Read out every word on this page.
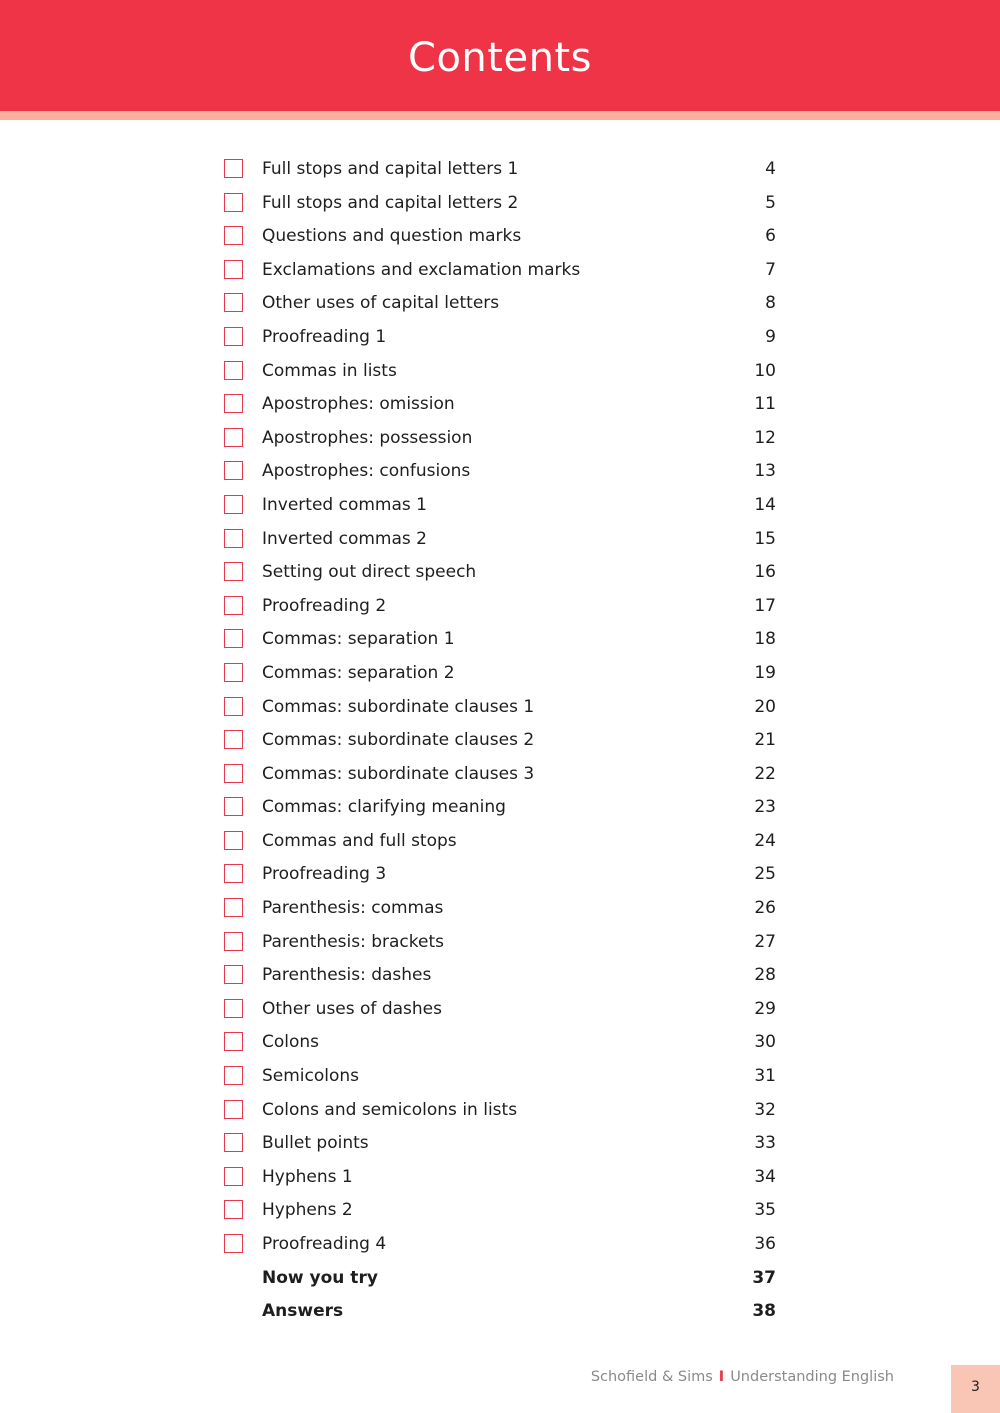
Contents
Full stops and capital letters 1	4
Full stops and capital letters 2	5
Questions and question marks	6
Exclamations and exclamation marks	7
Other uses of capital letters	8
Proofreading 1	9
Commas in lists	10
Apostrophes: omission	11
Apostrophes: possession	12
Apostrophes: confusions	13
Inverted commas 1	14
Inverted commas 2	15
Setting out direct speech	16
Proofreading 2	17
Commas: separation 1	18
Commas: separation 2	19
Commas: subordinate clauses 1	20
Commas: subordinate clauses 2	21
Commas: subordinate clauses 3	22
Commas: clarifying meaning	23
Commas and full stops	24
Proofreading 3	25
Parenthesis: commas	26
Parenthesis: brackets	27
Parenthesis: dashes	28
Other uses of dashes	29
Colons	30
Semicolons	31
Colons and semicolons in lists	32
Bullet points	33
Hyphens 1	34
Hyphens 2	35
Proofreading 4	36
Now you try	37
Answers	38
Schofield & Sims I Understanding English
3
